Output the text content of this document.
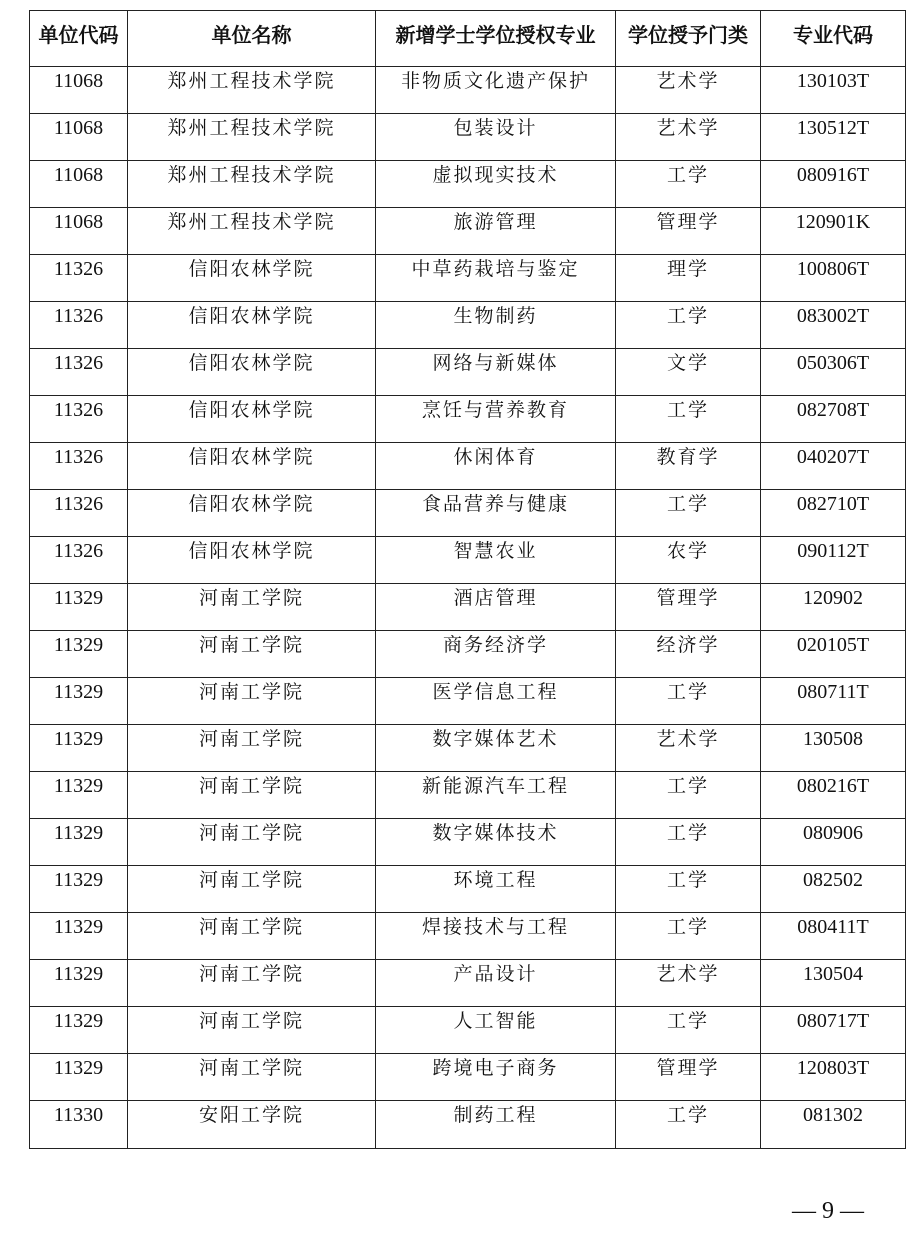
单位代码	单位名称	新增学士学位授权专业	学位授予门类	专业代码
11068	郑州工程技术学院	非物质文化遗产保护	艺术学	130103T
11068	郑州工程技术学院	包装设计	艺术学	130512T
11068	郑州工程技术学院	虚拟现实技术	工学	080916T
11068	郑州工程技术学院	旅游管理	管理学	120901K
11326	信阳农林学院	中草药栽培与鉴定	理学	100806T
11326	信阳农林学院	生物制药	工学	083002T
11326	信阳农林学院	网络与新媒体	文学	050306T
11326	信阳农林学院	烹饪与营养教育	工学	082708T
11326	信阳农林学院	休闲体育	教育学	040207T
11326	信阳农林学院	食品营养与健康	工学	082710T
11326	信阳农林学院	智慧农业	农学	090112T
11329	河南工学院	酒店管理	管理学	120902
11329	河南工学院	商务经济学	经济学	020105T
11329	河南工学院	医学信息工程	工学	080711T
11329	河南工学院	数字媒体艺术	艺术学	130508
11329	河南工学院	新能源汽车工程	工学	080216T
11329	河南工学院	数字媒体技术	工学	080906
11329	河南工学院	环境工程	工学	082502
11329	河南工学院	焊接技术与工程	工学	080411T
11329	河南工学院	产品设计	艺术学	130504
11329	河南工学院	人工智能	工学	080717T
11329	河南工学院	跨境电子商务	管理学	120803T
11330	安阳工学院	制药工程	工学	081302
— 9 —
